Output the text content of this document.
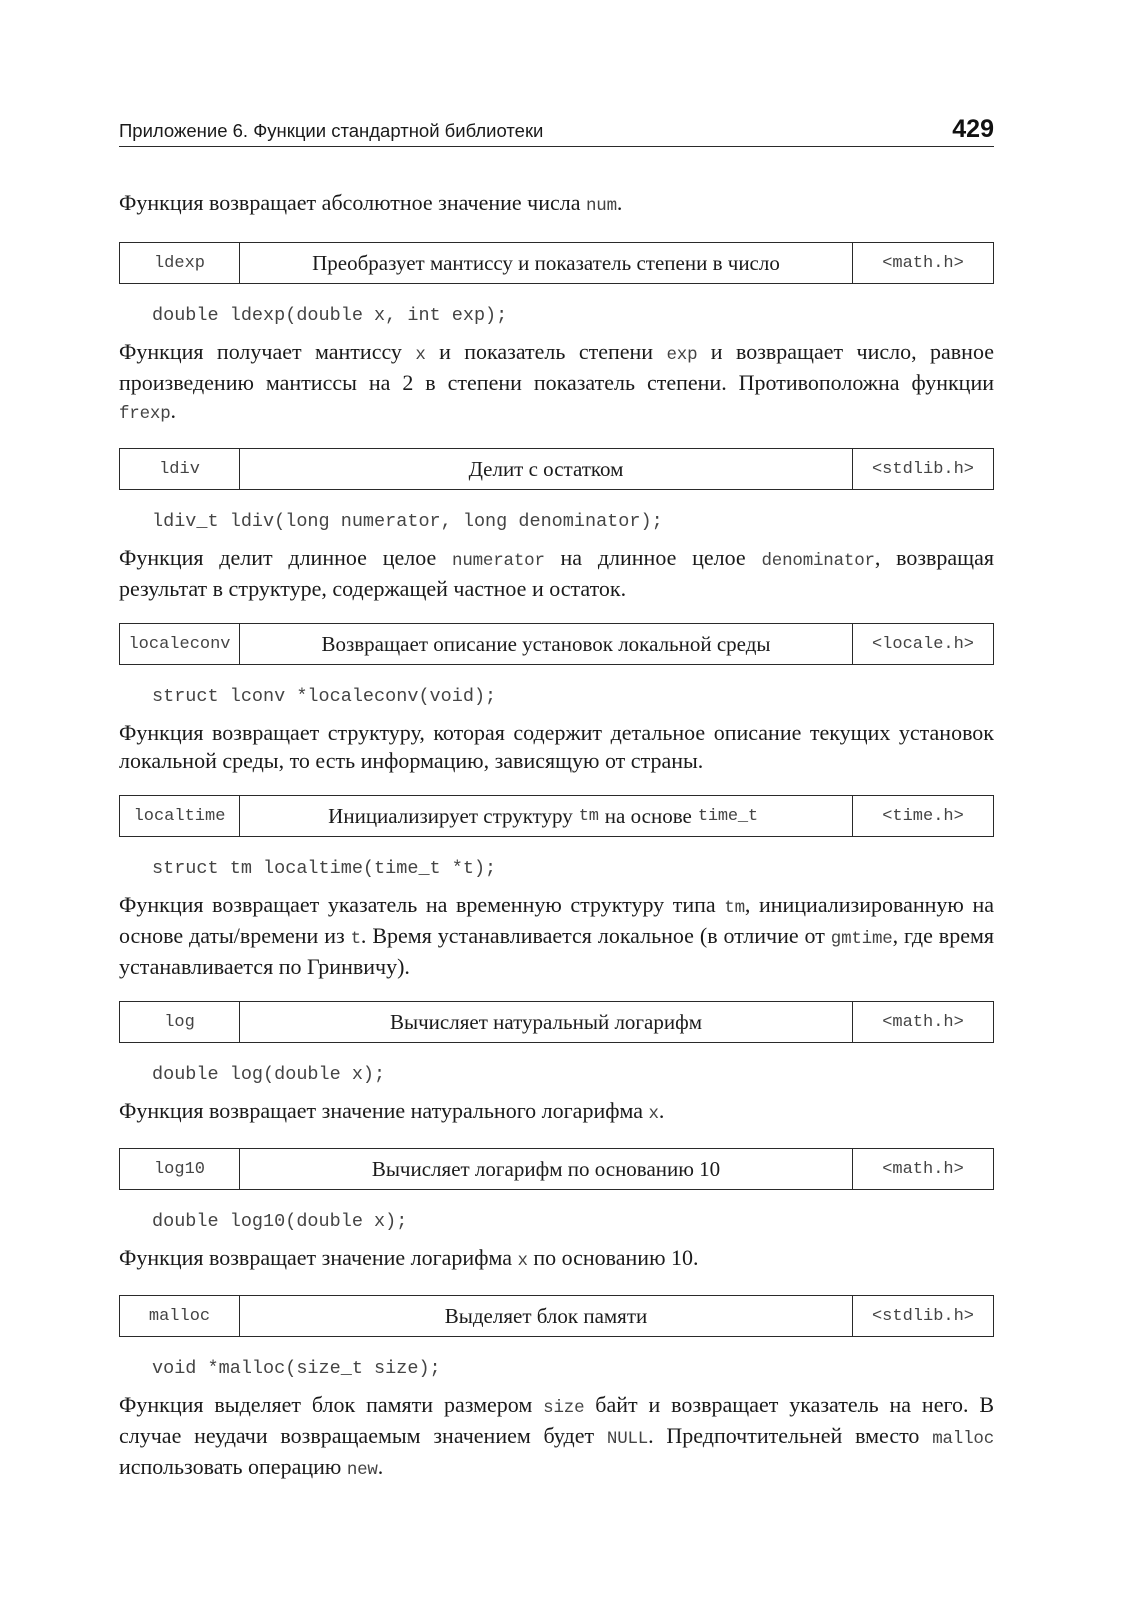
Приложение 6. Функции стандартной библиотеки	429

Функция возвращает абсолютное значение числа num.

ldexp	Преобразует мантиссу и показатель степени в число	<math.h>
double ldexp(double x, int exp);

Функция получает мантиссу x и показатель степени exp и возвращает число, равное произведению мантиссы на 2 в степени показатель степени. Противоположна функции frexp.

ldiv	Делит с остатком	<stdlib.h>
ldiv_t ldiv(long numerator, long denominator);

Функция делит длинное целое numerator на длинное целое denominator, возвращая результат в структуре, содержащей частное и остаток.

localeconv	Возвращает описание установок локальной среды	<locale.h>
struct lconv *localeconv(void);

Функция возвращает структуру, которая содержит детальное описание текущих установок локальной среды, то есть информацию, зависящую от страны.

localtime	Инициализирует структуру tm на основе time_t	<time.h>
struct tm localtime(time_t *t);

Функция возвращает указатель на временную структуру типа tm, инициализированную на основе даты/времени из t. Время устанавливается локальное (в отличие от gmtime, где время устанавливается по Гринвичу).

log	Вычисляет натуральный логарифм	<math.h>
double log(double x);

Функция возвращает значение натурального логарифма x.

log10	Вычисляет логарифм по основанию 10	<math.h>
double log10(double x);

Функция возвращает значение логарифма x по основанию 10.

malloc	Выделяет блок памяти	<stdlib.h>
void *malloc(size_t size);

Функция выделяет блок памяти размером size байт и возвращает указатель на него. В случае неудачи возвращаемым значением будет NULL. Предпочтительней вместо malloc использовать операцию new.
